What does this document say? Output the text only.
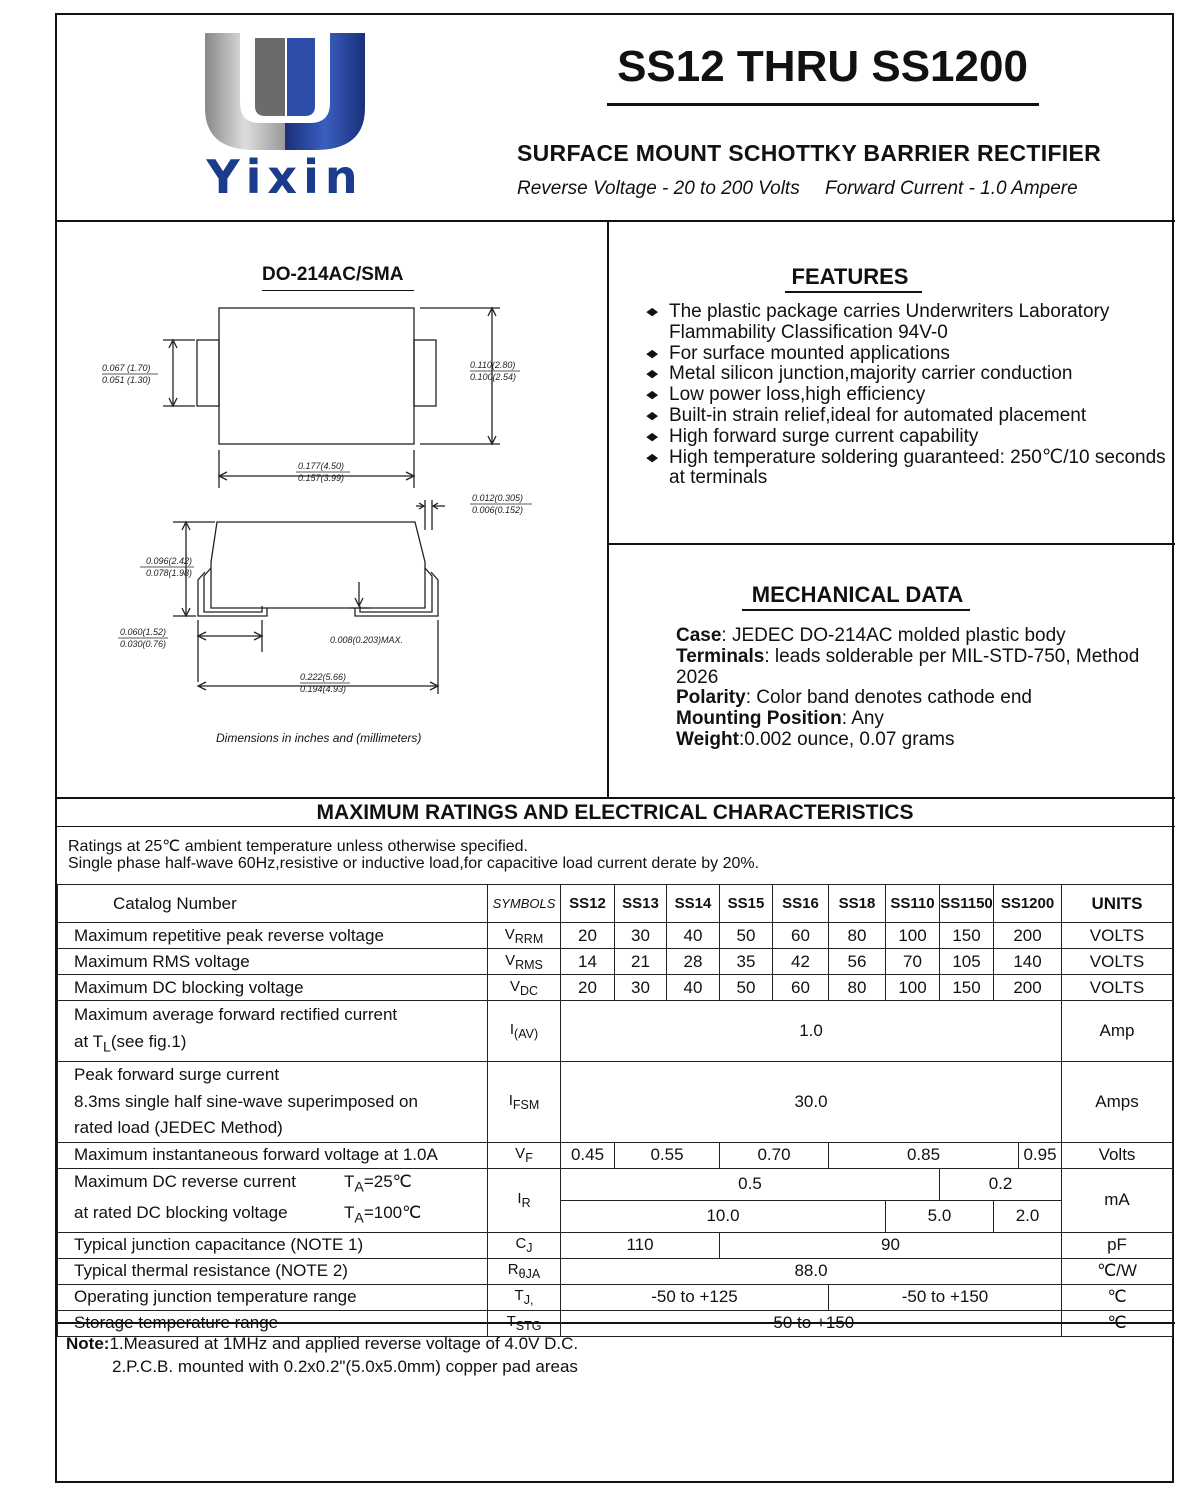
Yixin
SS12 THRU SS1200
SURFACE MOUNT SCHOTTKY BARRIER RECTIFIER
Reverse Voltage - 20 to 200 Volts Forward Current - 1.0 Ampere
DO-214AC/SMA
0.067 (1.70)
0.051 (1.30)
0.110(2.80)
0.100(2.54)
0.177(4.50)
0.157(3.99)
0.012(0.305)
0.006(0.152)
0.096(2.42)
0.078(1.98)
0.060(1.52)
0.030(0.76)	0.008(0.203)MAX.
0.222(5.66)
0.194(4.93)
Dimensions in inches and (millimeters)
FEATURES
◆ The plastic package carries Underwriters Laboratory Flammability Classification 94V-0
◆ For surface mounted applications
◆ Metal silicon junction,majority carrier conduction
◆ Low power loss,high efficiency
◆ Built-in strain relief,ideal for automated placement
◆ High forward surge current capability
◆ High temperature soldering guaranteed: 250℃/10 seconds at terminals
MECHANICAL DATA
Case: JEDEC DO-214AC molded plastic body
Terminals: leads solderable per MIL-STD-750, Method 2026
Polarity: Color band denotes cathode end
Mounting Position: Any
Weight:0.002 ounce, 0.07 grams
MAXIMUM RATINGS AND ELECTRICAL CHARACTERISTICS
Ratings at 25℃ ambient temperature unless otherwise specified.
Single phase half-wave 60Hz,resistive or inductive load,for capacitive load current derate by 20%.
Catalog Number	SYMBOLS	SS12	SS13	SS14	SS15	SS16	SS18	SS110	SS1150	SS1200		UNITS
Maximum repetitive peak reverse voltage	$V_{RRM}$	20	30	40	50	60	80	100	150	200		VOLTS
Maximum RMS voltage	$V_{RMS}$	14	21	28	35	42	56	70	105	140		VOLTS
Maximum DC blocking voltage	$V_{DC}$	20	30	40	50	60	80	100	150	200		VOLTS

Maximum average forward rectified current
at $T_L(see$ fig.1)	$I_{(AV)}$	1.0										Amp

Peak forward surge current
8.3ms single half sine-wave superimposed on
rated load (JEDEC Method)	$I_{FSM}$	30.0										Amps
Maximum instantaneous forward voltage at 1.0A	$V_F$	0.45	0.55		0.70		0.85				0.95	Volts

Maximum DC reverse current $T_A=25℃$
at rated DC blocking voltage $T_A=100℃$	$I_R$	0.5							0.2			mA
		10.0						5.0		2.0		
Typical junction capacitance (NOTE 1)	$C_J$	110			90							pF
Typical thermal resistance (NOTE 2)	$R_{\theta JA}$	88.0										℃/W
Operating junction temperature range	$T_{J,}$	-50 to +125					-50 to +150					℃
Storage temperature range	$T_{STG}$	-50 to +150										℃
Note:1.Measured at 1MHz and applied reverse voltage of 4.0V D.C.
2.P.C.B. mounted with 0.2x0.2"(5.0x5.0mm) copper pad areas
